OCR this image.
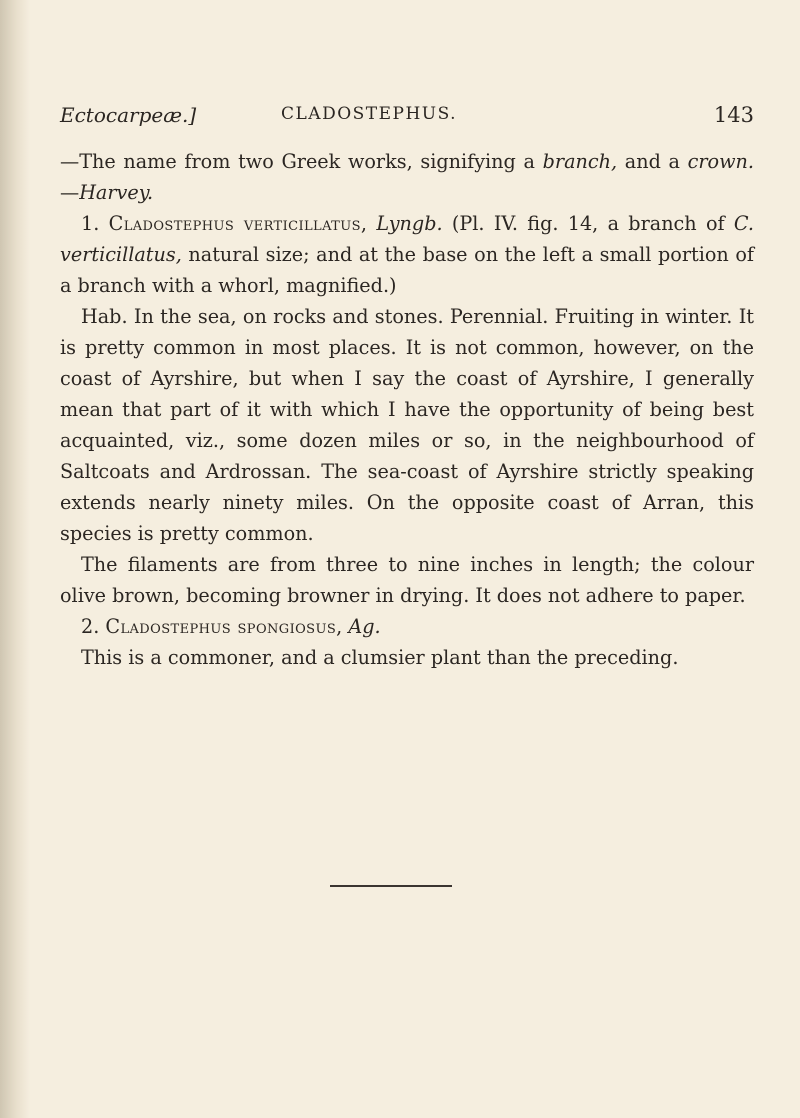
Ectocarpeæ.]	CLADOSTEPHUS.	143

—The name from two Greek works, signifying a branch, and a crown.—Harvey.

1. Cladostephus verticillatus, Lyngb. (Pl. IV. fig. 14, a branch of C. verticillatus, natural size; and at the base on the left a small portion of a branch with a whorl, magnified.)

Hab. In the sea, on rocks and stones. Perennial. Fruiting in winter. It is pretty common in most places. It is not common, however, on the coast of Ayrshire, but when I say the coast of Ayrshire, I generally mean that part of it with which I have the opportunity of being best acquainted, viz., some dozen miles or so, in the neighbourhood of Saltcoats and Ardrossan. The sea-coast of Ayrshire strictly speaking extends nearly ninety miles. On the opposite coast of Arran, this species is pretty common.

The filaments are from three to nine inches in length; the colour olive brown, becoming browner in drying. It does not adhere to paper.

2. Cladostephus spongiosus, Ag.

This is a commoner, and a clumsier plant than the preceding.
